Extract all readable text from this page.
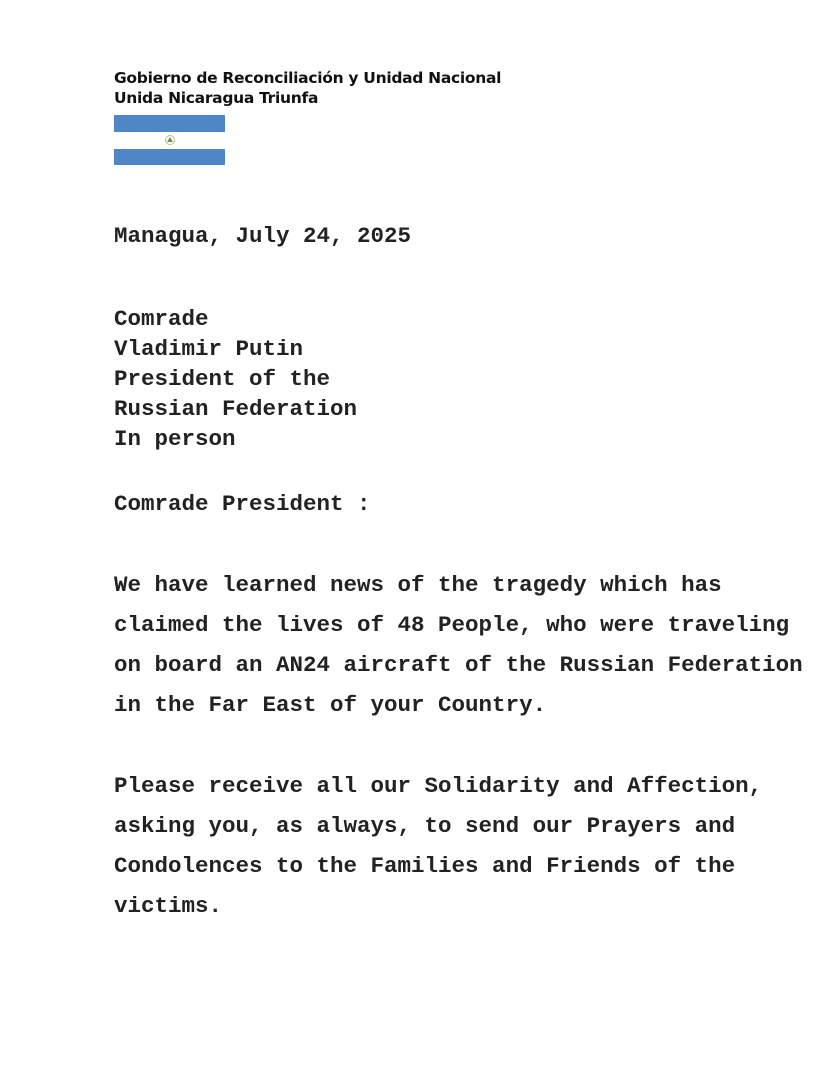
Gobierno de Reconciliación y Unidad Nacional
Unida Nicaragua Triunfa
Managua, July 24, 2025
Comrade
Vladimir Putin
President of the
Russian Federation
In person
Comrade President :
We have learned news of the tragedy which has
claimed the lives of 48 People, who were traveling
on board an AN24 aircraft of the Russian Federation
in the Far East of your Country.
Please receive all our Solidarity and Affection,
asking you, as always, to send our Prayers and
Condolences to the Families and Friends of the
victims.
